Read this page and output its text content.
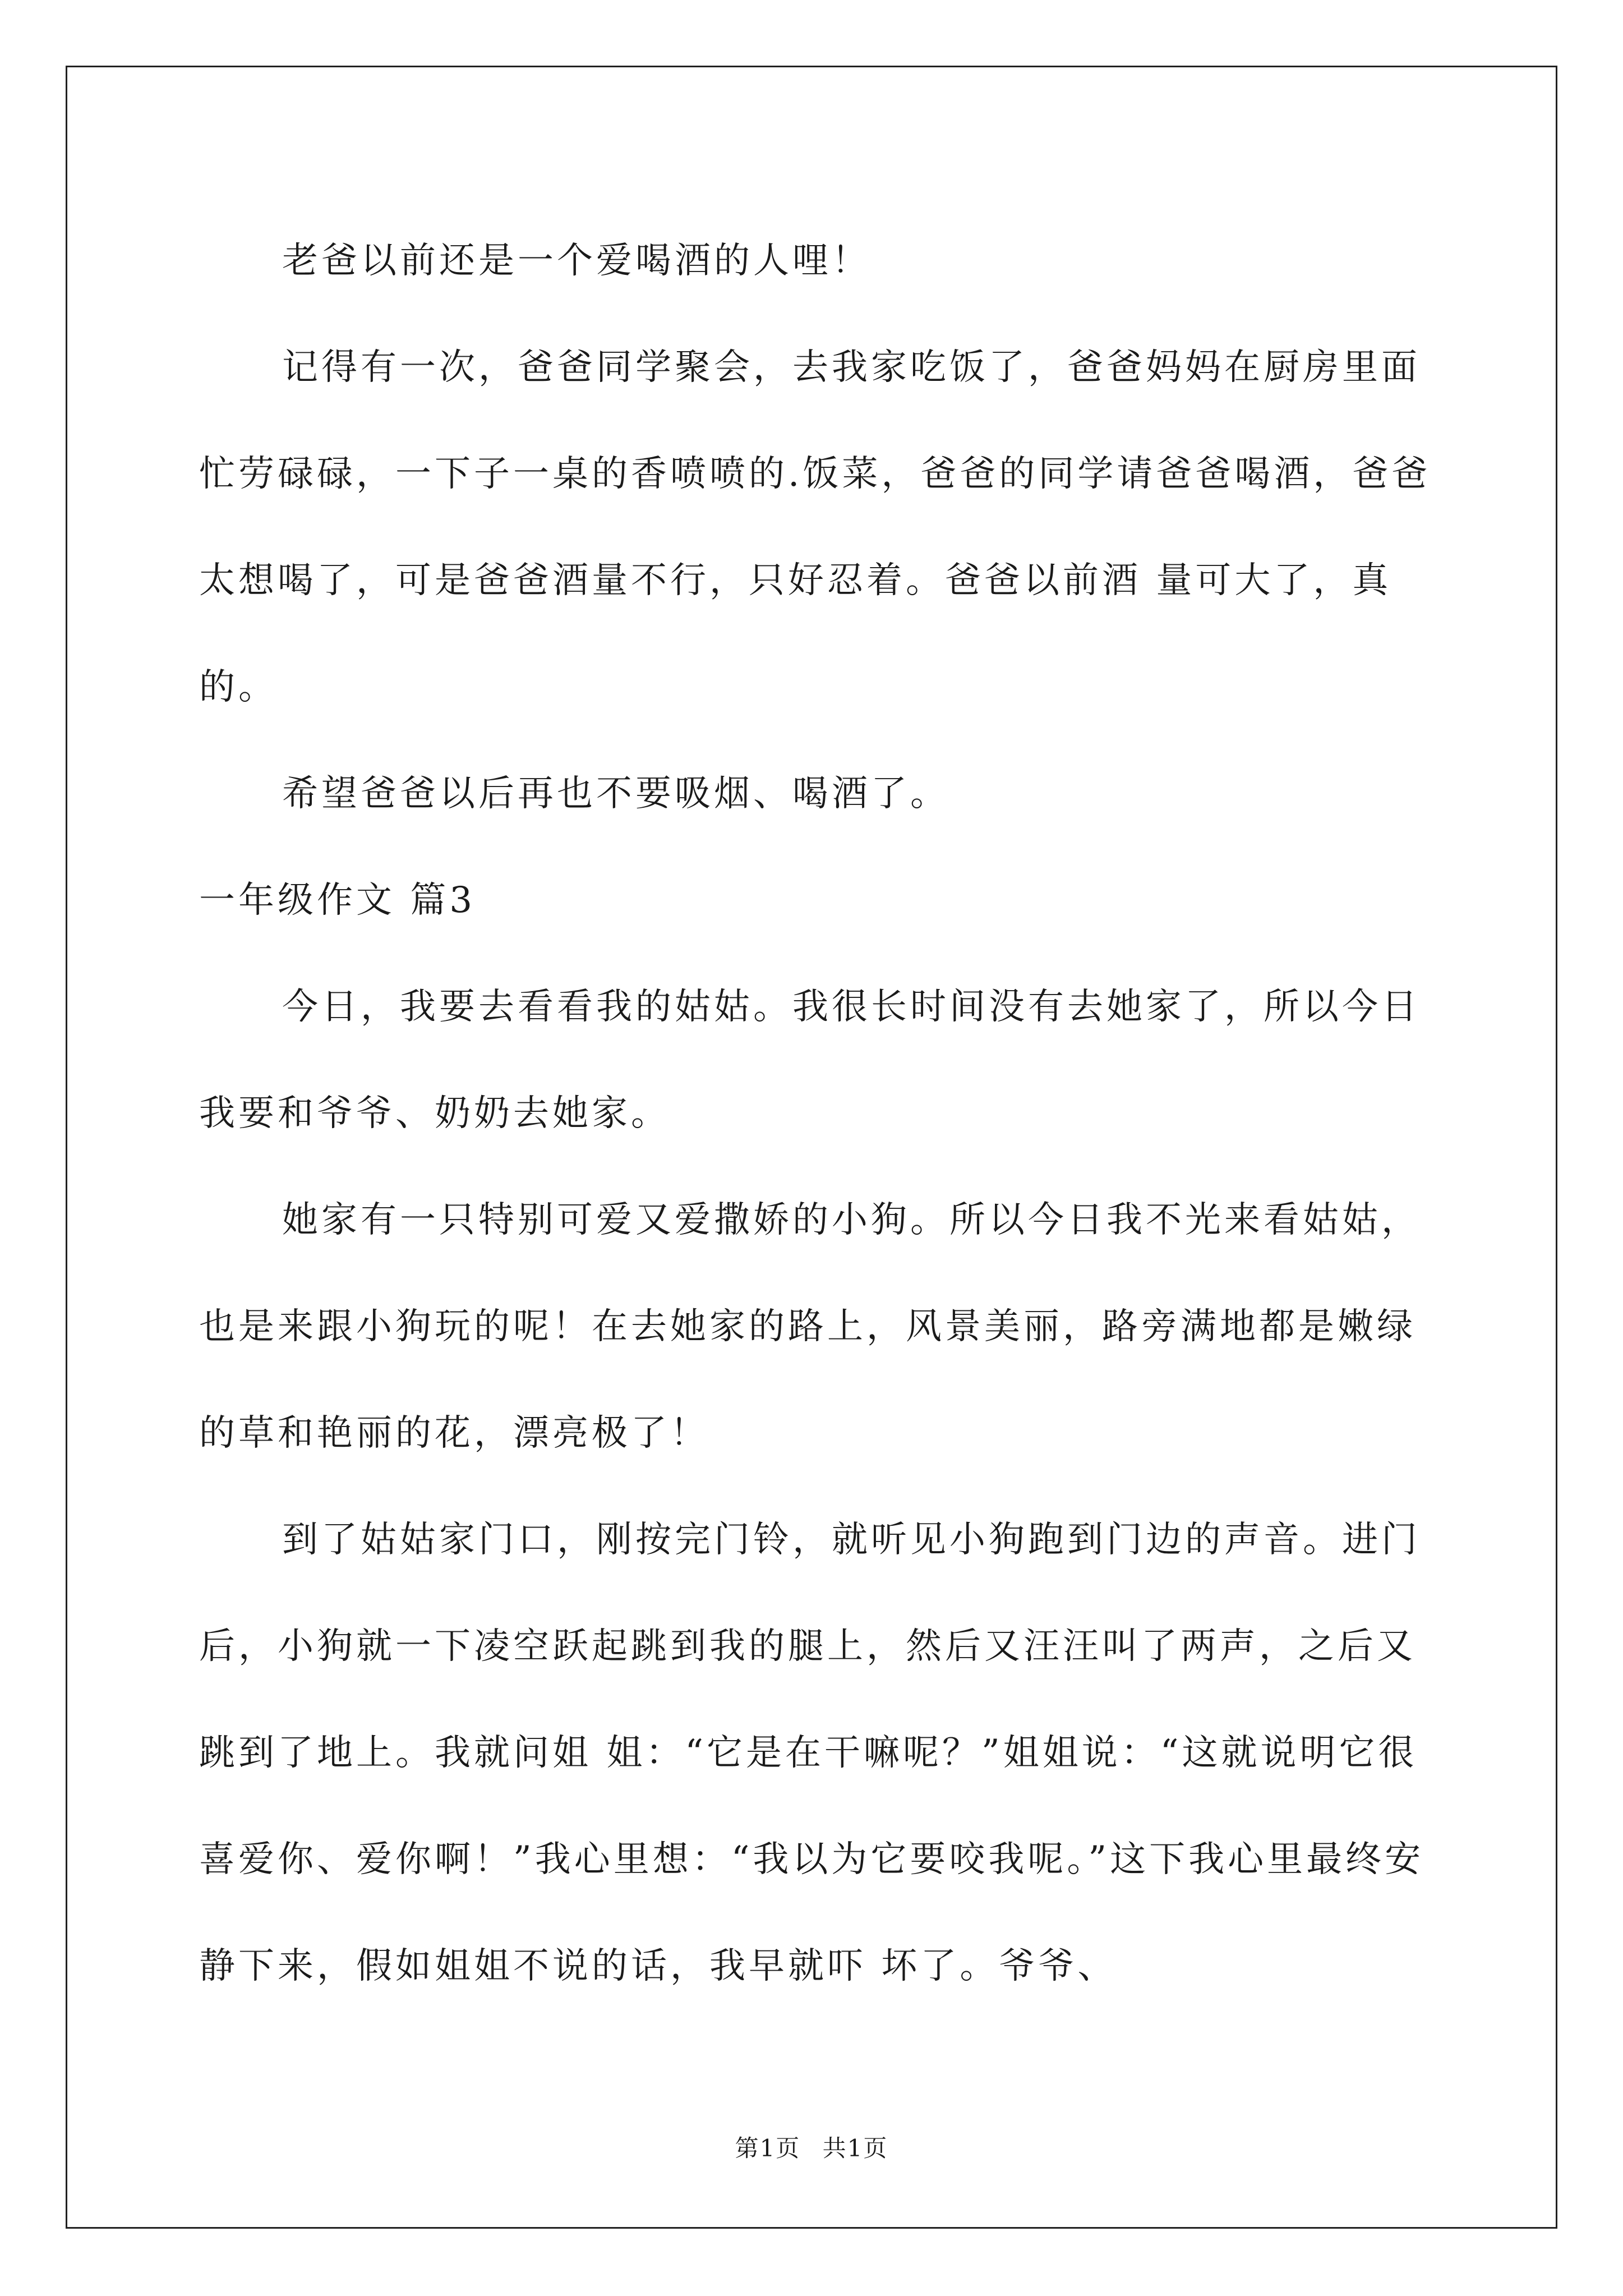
老爸以前还是一个爱喝酒的人哩！

记得有一次，爸爸同学聚会，去我家吃饭了，爸爸妈妈在厨房里面忙劳碌碌，一下子一桌的香喷喷的.饭菜，爸爸的同学请爸爸喝酒，爸爸太想喝了，可是爸爸酒量不行，只好忍着。爸爸以前酒 量可大了，真的。

希望爸爸以后再也不要吸烟、喝酒了。

一年级作文 篇3

今日，我要去看看我的姑姑。我很长时间没有去她家了，所以今日我要和爷爷、奶奶去她家。

她家有一只特别可爱又爱撒娇的小狗。所以今日我不光来看姑姑，也是来跟小狗玩的呢！在去她家的路上，风景美丽，路旁满地都是嫩绿的草和艳丽的花，漂亮极了！

到了姑姑家门口，刚按完门铃，就听见小狗跑到门边的声音。进门后，小狗就一下凌空跃起跳到我的腿上，然后又汪汪叫了两声，之后又跳到了地上。我就问姐 姐：“它是在干嘛呢？”姐姐说：“这就说明它很喜爱你、爱你啊！”我心里想：“我以为它要咬我呢。”这下我心里最终安静下来，假如姐姐不说的话，我早就吓 坏了。爷爷、

第1页 共1页
